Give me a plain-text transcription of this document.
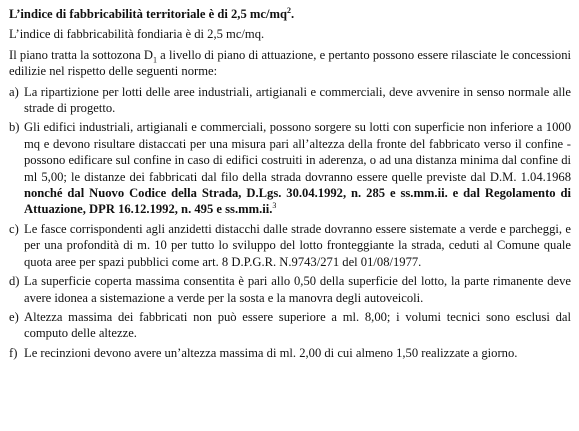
L’indice di fabbricabilità territoriale è di 2,5 $mc/mq^2$.
L’indice di fabbricabilità fondiaria è di 2,5 mc/mq.
Il piano tratta la sottozona $D_1$ a livello di piano di attuazione, e pertanto possono essere rilasciate le concessioni edilizie nel rispetto delle seguenti norme:
a) La ripartizione per lotti delle aree industriali, artigianali e commerciali, deve avvenire in senso normale alle strade di progetto.
b) Gli edifici industriali, artigianali e commerciali, possono sorgere su lotti con superficie non inferiore a 1000 mq e devono risultare distaccati per una misura pari all’altezza della fronte del fabbricato verso il confine - possono edificare sul confine in caso di edifici costruiti in aderenza, o ad una distanza minima dal confine di ml 5,00; le distanze dei fabbricati dal filo della strada dovranno essere quelle previste dal D.M. 1.04.1968 nonché dal Nuovo Codice della Strada, D.Lgs. 30.04.1992, n. 285 e ss.mm.ii. e dal Regolamento di Attuazione, DPR 16.12.1992, n. 495 e ss.mm.ii.$^3$
c) Le fasce corrispondenti agli anzidetti distacchi dalle strade dovranno essere sistemate a verde e parcheggi, e per una profondità di m. 10 per tutto lo sviluppo del lotto fronteggiante la strada, ceduti al Comune quale quota aree per spazi pubblici come art. 8 D.P.G.R. N.9743/271 del 01/08/1977.
d) La superficie coperta massima consentita è pari allo 0,50 della superficie del lotto, la parte rimanente deve avere idonea a sistemazione a verde per la sosta e la manovra degli autoveicoli.
e) Altezza massima dei fabbricati non può essere superiore a ml. 8,00; i volumi tecnici sono esclusi dal computo delle altezze.
f) Le recinzioni devono avere un’altezza massima di ml. 2,00 di cui almeno 1,50 realizzate a giorno.
